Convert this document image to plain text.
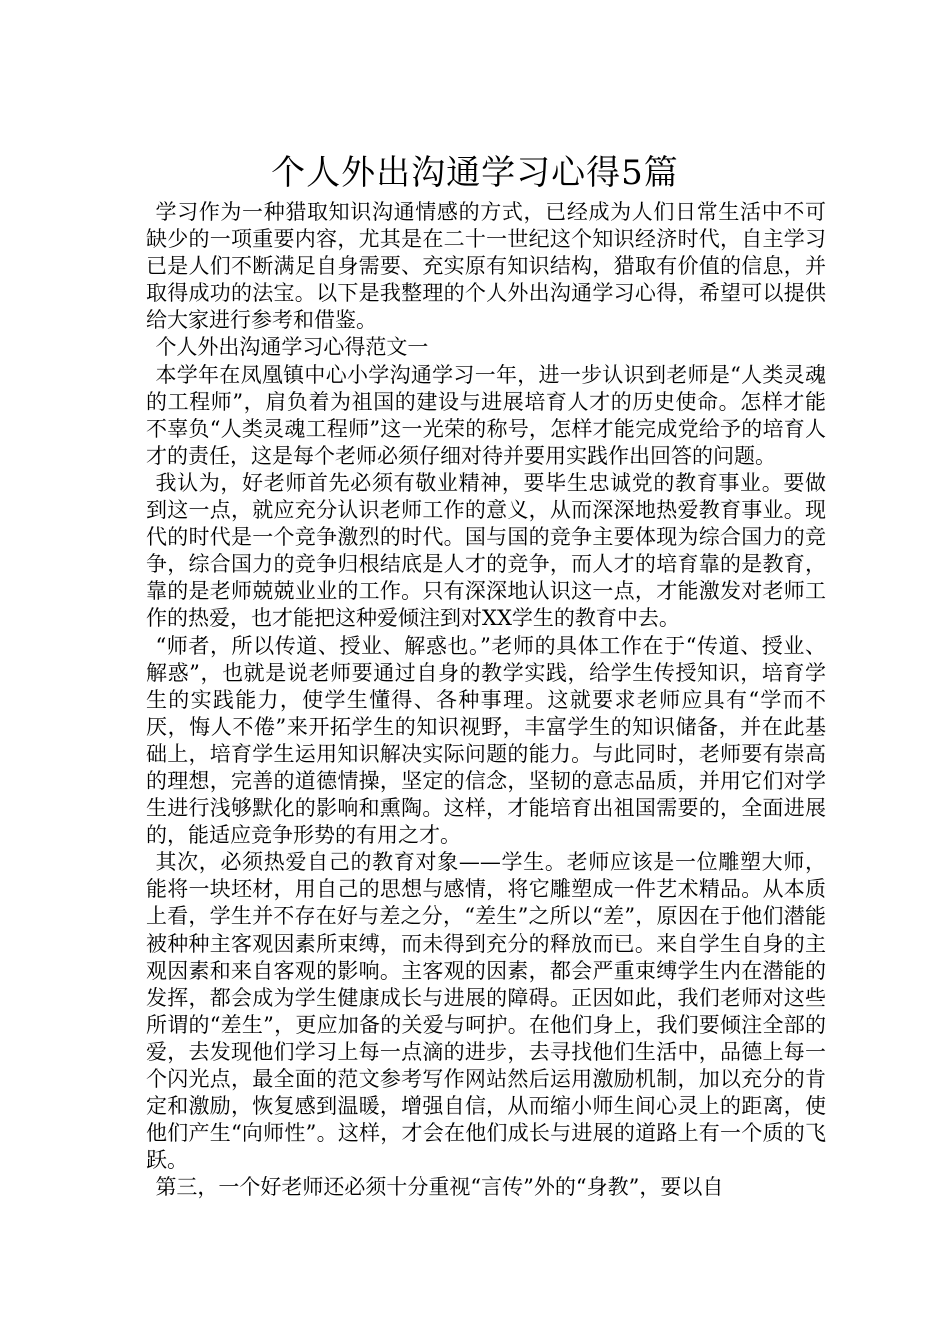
个人外出沟通学习心得5篇

学习作为一种猎取知识沟通情感的方式，已经成为人们日常生活中不可缺少的一项重要内容，尤其是在二十一世纪这个知识经济时代，自主学习已是人们不断满足自身需要、充实原有知识结构，猎取有价值的信息，并取得成功的法宝。以下是我整理的个人外出沟通学习心得，希望可以提供给大家进行参考和借鉴。

个人外出沟通学习心得范文一

本学年在凤凰镇中心小学沟通学习一年，进一步认识到老师是“人类灵魂的工程师”，肩负着为祖国的建设与进展培育人才的历史使命。怎样才能不辜负“人类灵魂工程师”这一光荣的称号，怎样才能完成党给予的培育人才的责任，这是每个老师必须仔细对待并要用实践作出回答的问题。

我认为，好老师首先必须有敬业精神，要毕生忠诚党的教育事业。要做到这一点，就应充分认识老师工作的意义，从而深深地热爱教育事业。现代的时代是一个竞争激烈的时代。国与国的竞争主要体现为综合国力的竞争，综合国力的竞争归根结底是人才的竞争，而人才的培育靠的是教育，靠的是老师兢兢业业的工作。只有深深地认识这一点，才能激发对老师工作的热爱，也才能把这种爱倾注到对XX学生的教育中去。

“师者，所以传道、授业、解惑也。”老师的具体工作在于“传道、授业、解惑”，也就是说老师要通过自身的教学实践，给学生传授知识，培育学生的实践能力，使学生懂得、各种事理。这就要求老师应具有“学而不厌，悔人不倦”来开拓学生的知识视野，丰富学生的知识储备，并在此基础上，培育学生运用知识解决实际问题的能力。与此同时，老师要有崇高的理想，完善的道德情操，坚定的信念，坚韧的意志品质，并用它们对学生进行浅够默化的影响和熏陶。这样，才能培育出祖国需要的，全面进展的，能适应竞争形势的有用之才。

其次，必须热爱自己的教育对象——学生。老师应该是一位雕塑大师，能将一块坯材，用自己的思想与感情，将它雕塑成一件艺术精品。从本质上看，学生并不存在好与差之分，“差生”之所以“差”，原因在于他们潜能被种种主客观因素所束缚，而未得到充分的释放而已。来自学生自身的主观因素和来自客观的影响。主客观的因素，都会严重束缚学生内在潜能的发挥，都会成为学生健康成长与进展的障碍。正因如此，我们老师对这些所谓的“差生”，更应加备的关爱与呵护。在他们身上，我们要倾注全部的爱，去发现他们学习上每一点滴的进步，去寻找他们生活中，品德上每一个闪光点，最全面的范文参考写作网站然后运用激励机制，加以充分的肯定和激励，恢复感到温暖，增强自信，从而缩小师生间心灵上的距离，使他们产生“向师性”。这样，才会在他们成长与进展的道路上有一个质的飞跃。

第三，一个好老师还必须十分重视“言传”外的“身教”，要以自
